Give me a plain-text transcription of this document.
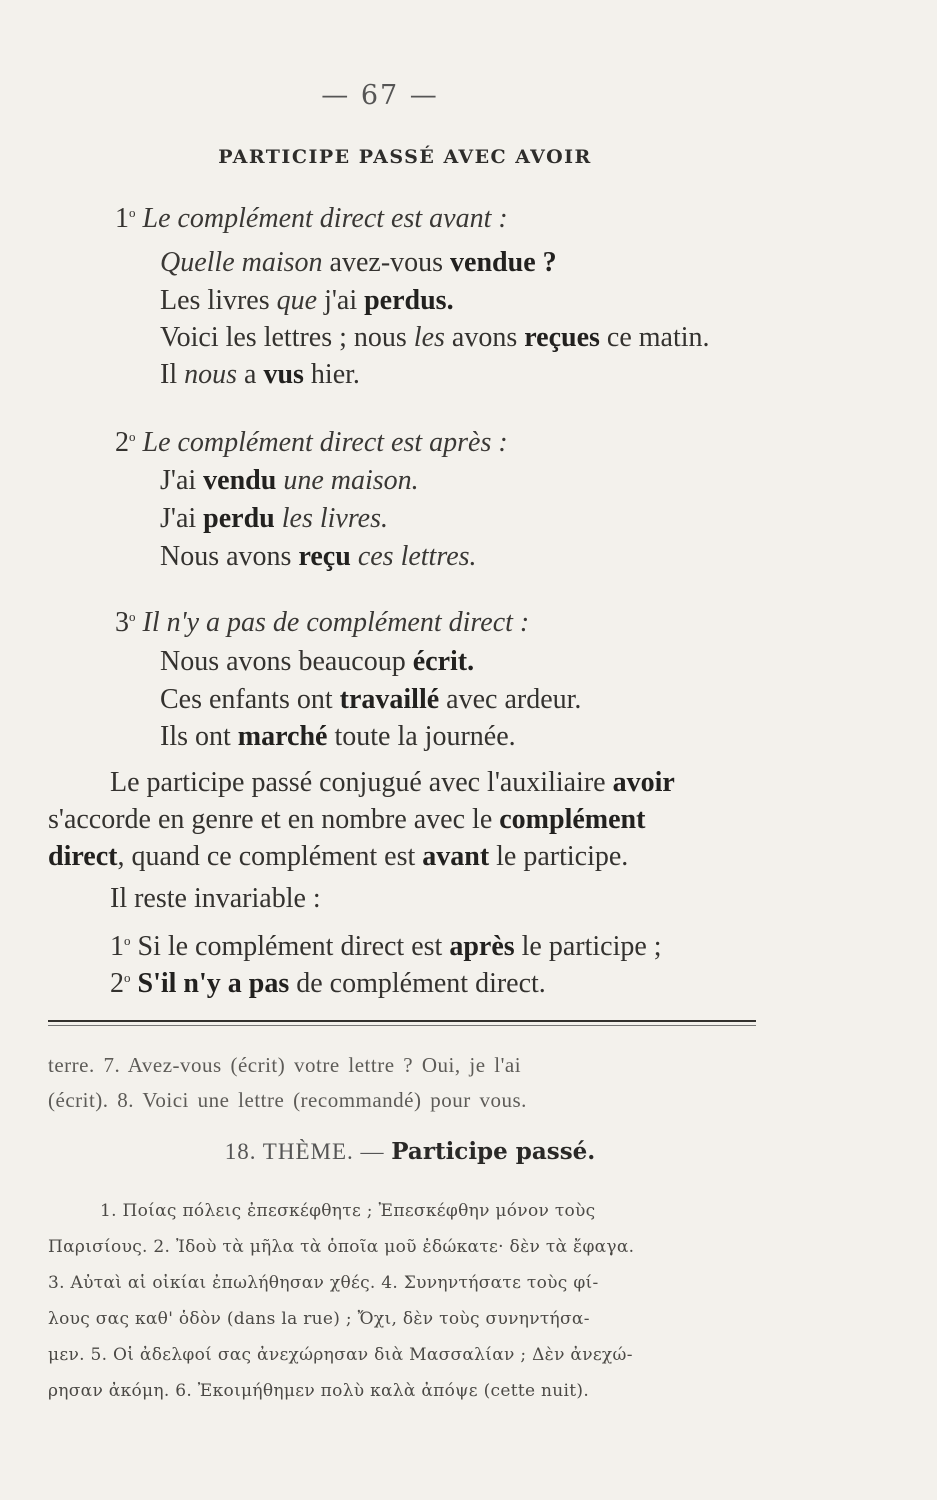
— 67 —
PARTICIPE PASSÉ AVEC AVOIR
1$^o$ Le complément direct est avant :
Quelle maison avez-vous vendue ?
Les livres que j'ai perdus.
Voici les lettres ; nous les avons reçues ce matin.
Il nous a vus hier.
2$^o$ Le complément direct est après :
J'ai vendu une maison.
J'ai perdu les livres.
Nous avons reçu ces lettres.
3$^o$ Il n'y a pas de complément direct :
Nous avons beaucoup écrit.
Ces enfants ont travaillé avec ardeur.
Ils ont marché toute la journée.
Le participe passé conjugué avec l'auxiliaire avoir
s'accorde en genre et en nombre avec le complément
direct, quand ce complément est avant le participe.
Il reste invariable :
1$^o$ Si le complément direct est après le participe ;
2$^o$ S'il n'y a pas de complément direct.
terre. 7. Avez-vous (écrit) votre lettre ? Oui, je l'ai
(écrit). 8. Voici une lettre (recommandé) pour vous.
18. THÈME. — Participe passé.
1. Ποίας πόλεις ἐπεσκέφθητε ; Ἐπεσκέφθην μόνον τοὺς
Παρισίους. 2. Ἰδοὺ τὰ μῆλα τὰ ὁποῖα μοῦ ἐδώκατε· δὲν τὰ ἔφαγα.
3. Αὐταὶ αἱ οἰκίαι ἐπωλήθησαν χθές. 4. Συνηντήσατε τοὺς φί-
λους σας καθ' ὁδὸν (dans la rue) ; Ὄχι, δὲν τοὺς συνηντήσα-
μεν. 5. Οἱ ἀδελφοί σας ἀνεχώρησαν διὰ Μασσαλίαν ; Δὲν ἀνεχώ-
ρησαν ἀκόμη. 6. Ἐκοιμήθημεν πολὺ καλὰ ἀπόψε (cette nuit).
